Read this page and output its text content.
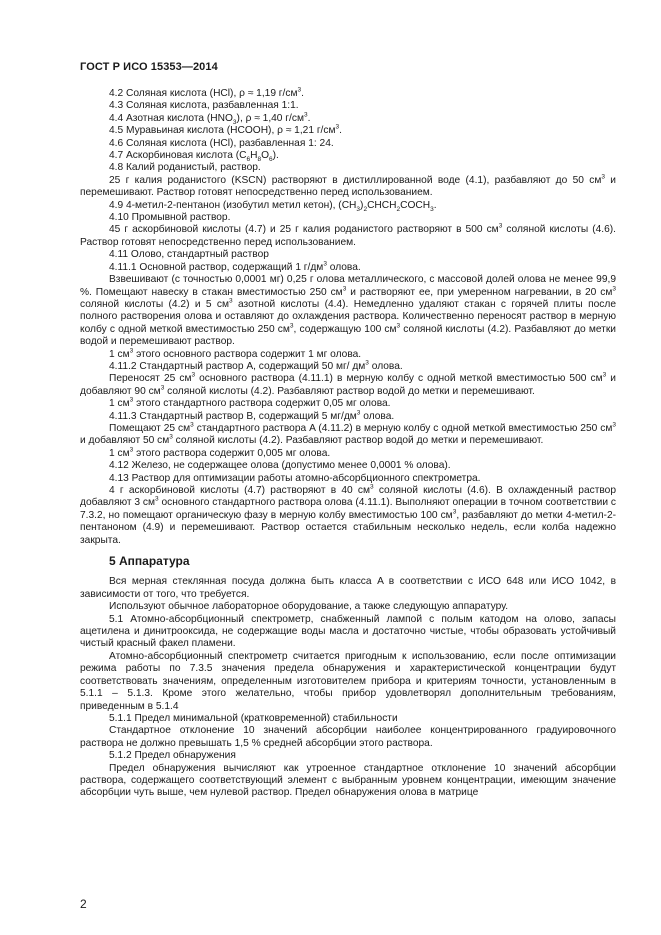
ГОСТ Р ИСО 15353—2014

4.2 Соляная кислота (HCl), ρ ≈ 1,19 $г/см^3$.

4.3 Соляная кислота, разбавленная 1:1.

4.4 Азотная кислота $(HNO_3)$, ρ ≈ 1,40 $г/см^3$.

4.5 Муравьиная кислота (HCOOH), ρ ≈ 1,21 $г/см^3$.

4.6 Соляная кислота (HCl), разбавленная 1: 24.

4.7 Аскорбиновая кислота $(C_6H_8O_6)$.

4.8 Калий роданистый, раствор.

25 г калия роданистого (KSCN) растворяют в дистиллированной воде (4.1), разбавляют до 50 $см^3$ и перемешивают. Раствор готовят непосредственно перед использованием.

4.9 4-метил-2-пентанон (изобутил метил кетон), $(CH_3)_2CHCH_2COCH_3$.

4.10 Промывной раствор.

45 г аскорбиновой кислоты (4.7) и 25 г калия роданистого растворяют в 500 $см^3$ соляной кислоты (4.6). Раствор готовят непосредственно перед использованием.

4.11 Олово, стандартный раствор

4.11.1 Основной раствор, содержащий 1 $г/дм^3$ олова.

Взвешивают (с точностью 0,0001 мг) 0,25 г олова металлического, с массовой долей олова не менее 99,9 %. Помещают навеску в стакан вместимостью 250 $см^3$ и растворяют ее, при умеренном нагревании, в 20 $см^3$ соляной кислоты (4.2) и 5 $см^3$ азотной кислоты (4.4). Немедленно удаляют стакан с горячей плиты после полного растворения олова и оставляют до охлаждения раствора. Количественно переносят раствор в мерную колбу с одной меткой вместимостью 250 $см^3$, содержащую 100 $см^3$ соляной кислоты (4.2). Разбавляют до метки водой и перемешивают раствор.

1 $см^3$ этого основного раствора содержит 1 мг олова.

4.11.2 Стандартный раствор A, содержащий 50 мг/ $дм^3$ олова.

Переносят 25 $см^3$ основного раствора (4.11.1) в мерную колбу с одной меткой вместимостью 500 $см^3$ и добавляют 90 $см^3$ соляной кислоты (4.2). Разбавляют раствор водой до метки и перемешивают.

1 $см^3$ этого стандартного раствора содержит 0,05 мг олова.

4.11.3 Стандартный раствор B, содержащий 5 $мг/дм^3$ олова.

Помещают 25 $см^3$ стандартного раствора A (4.11.2) в мерную колбу с одной меткой вместимостью 250 $см^3$ и добавляют 50 $см^3$ соляной кислоты (4.2). Разбавляют раствор водой до метки и перемешивают.

1 $см^3$ этого раствора содержит 0,005 мг олова.

4.12 Железо, не содержащее олова (допустимо менее 0,0001 % олова).

4.13 Раствор для оптимизации работы атомно-абсорбционного спектрометра.

4 г аскорбиновой кислоты (4.7) растворяют в 40 $см^3$ соляной кислоты (4.6). В охлажденный раствор добавляют 3 $см^3$ основного стандартного раствора олова (4.11.1). Выполняют операции в точном соответствии с 7.3.2, но помещают органическую фазу в мерную колбу вместимостью 100 $см^3$, разбавляют до метки 4-метил-2- пентаноном (4.9) и перемешивают. Раствор остается стабильным несколько недель, если колба надежно закрыта.

5 Аппаратура

Вся мерная стеклянная посуда должна быть класса A в соответствии с ИСО 648 или ИСО 1042, в зависимости от того, что требуется.

Используют обычное лабораторное оборудование, а также следующую аппаратуру.

5.1 Атомно-абсорбционный спектрометр, снабженный лампой с полым катодом на олово, запасы ацетилена и динитрооксида, не содержащие воды масла и достаточно чистые, чтобы образовать устойчивый чистый красный факел пламени.

Атомно-абсорбционный спектрометр считается пригодным к использованию, если после оптимизации режима работы по 7.3.5 значения предела обнаружения и характеристической концентрации будут соответствовать значениям, определенным изготовителем прибора и критериям точности, установленным в 5.1.1 – 5.1.3. Кроме этого желательно, чтобы прибор удовлетворял дополнительным требованиям, приведенным в 5.1.4

5.1.1 Предел минимальной (кратковременной) стабильности

Стандартное отклонение 10 значений абсорбции наиболее концентрированного градуировочного раствора не должно превышать 1,5 % средней абсорбции этого раствора.

5.1.2 Предел обнаружения

Предел обнаружения вычисляют как утроенное стандартное отклонение 10 значений абсорбции раствора, содержащего соответствующий элемент с выбранным уровнем концентрации, имеющим значение абсорбции чуть выше, чем нулевой раствор. Предел обнаружения олова в матрице

2
